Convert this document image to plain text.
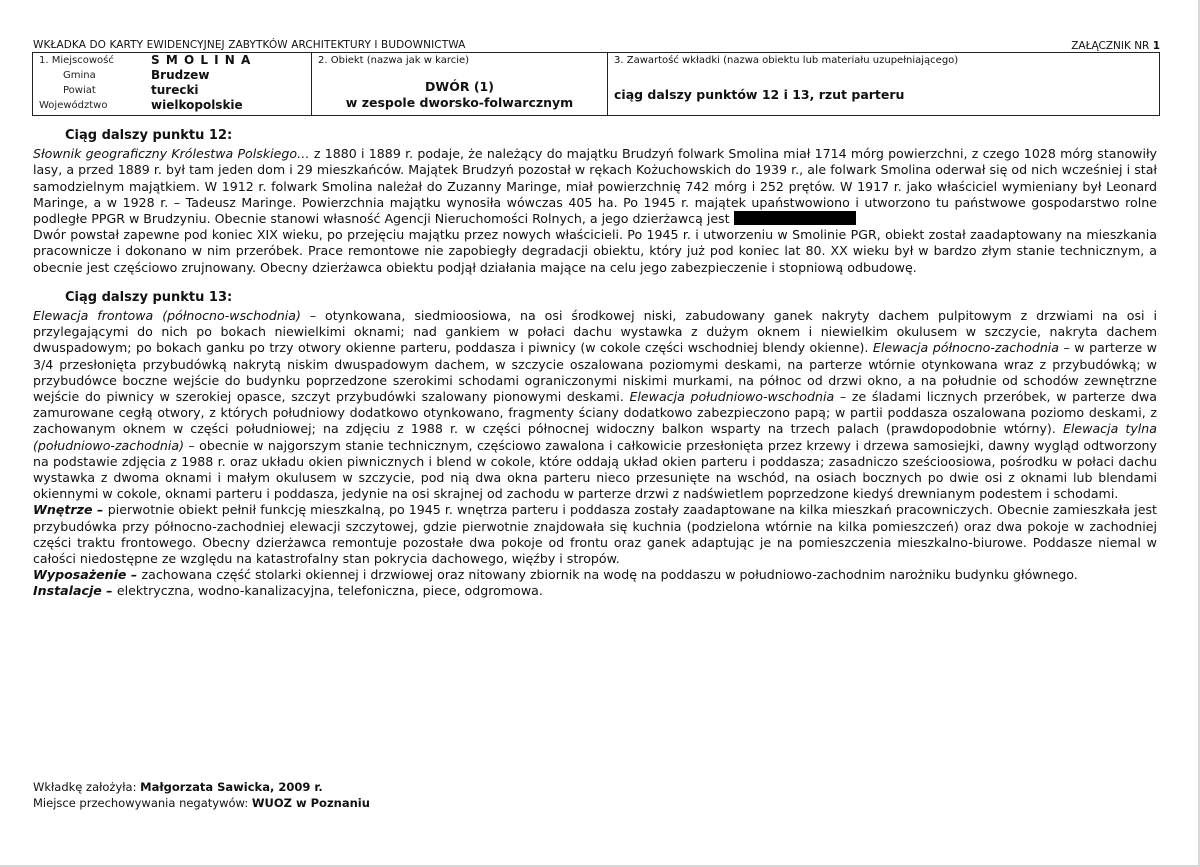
WKŁADKA DO KARTY EWIDENCYJNEJ ZABYTKÓW ARCHITEKTURY I BUDOWNICTWA	ZAŁĄCZNIK NR 1
1. Miejscowość	S M O L I N A
Gmina	Brudzew
Powiat	turecki
Województwo	wielkopolskie
2. Obiekt (nazwa jak w karcie)
DWÓR (1)
w zespole dworsko-folwarcznym
3. Zawartość wkładki (nazwa obiektu lub materiału uzupełniającego)
ciąg dalszy punktów 12 i 13, rzut parteru

Ciąg dalszy punktu 12:

Słownik geograficzny Królestwa Polskiego… z 1880 i 1889 r. podaje, że należący do majątku Brudzyń folwark Smolina miał 1714 mórg powierzchni, z czego 1028 mórg stanowiły lasy, a przed 1889 r. był tam jeden dom i 29 mieszkańców. Majątek Brudzyń pozostał w rękach Kożuchowskich do 1939 r., ale folwark Smolina oderwał się od nich wcześniej i stał samodzielnym majątkiem. W 1912 r. folwark Smolina należał do Zuzanny Maringe, miał powierzchnię 742 mórg i 252 prętów. W 1917 r. jako właściciel wymieniany był Leonard Maringe, a w 1928 r. – Tadeusz Maringe. Powierzchnia majątku wynosiła wówczas 405 ha. Po 1945 r. majątek upaństwowiono i utworzono tu państwowe gospodarstwo rolne podległe PPGR w Brudzyniu. Obecnie stanowi własność Agencji Nieruchomości Rolnych, a jego dzierżawcą jest

Dwór powstał zapewne pod koniec XIX wieku, po przejęciu majątku przez nowych właścicieli. Po 1945 r. i utworzeniu w Smolinie PGR, obiekt został zaadaptowany na mieszkania pracownicze i dokonano w nim przeróbek. Prace remontowe nie zapobiegły degradacji obiektu, który już pod koniec lat 80. XX wieku był w bardzo złym stanie technicznym, a obecnie jest częściowo zrujnowany. Obecny dzierżawca obiektu podjął działania mające na celu jego zabezpieczenie i stopniową odbudowę.

Ciąg dalszy punktu 13:

Elewacja frontowa (północno-wschodnia) – otynkowana, siedmioosiowa, na osi środkowej niski, zabudowany ganek nakryty dachem pulpitowym z drzwiami na osi i przylegającymi do nich po bokach niewielkimi oknami; nad gankiem w połaci dachu wystawka z dużym oknem i niewielkim okulusem w szczycie, nakryta dachem dwuspadowym; po bokach ganku po trzy otwory okienne parteru, poddasza i piwnicy (w cokole części wschodniej blendy okienne). Elewacja północno-zachodnia – w parterze w 3/4 przesłonięta przybudówką nakrytą niskim dwuspadowym dachem, w szczycie oszalowana poziomymi deskami, na parterze wtórnie otynkowana wraz z przybudówką; w przybudówce boczne wejście do budynku poprzedzone szerokimi schodami ograniczonymi niskimi murkami, na północ od drzwi okno, a na południe od schodów zewnętrzne wejście do piwnicy w szerokiej opasce, szczyt przybudówki szalowany pionowymi deskami. Elewacja południowo-wschodnia – ze śladami licznych przeróbek, w parterze dwa zamurowane cegłą otwory, z których południowy dodatkowo otynkowano, fragmenty ściany dodatkowo zabezpieczono papą; w partii poddasza oszalowana poziomo deskami, z zachowanym oknem w części południowej; na zdjęciu z 1988 r. w części północnej widoczny balkon wsparty na trzech palach (prawdopodobnie wtórny). Elewacja tylna (południowo-zachodnia) – obecnie w najgorszym stanie technicznym, częściowo zawalona i całkowicie przesłonięta przez krzewy i drzewa samosiejki, dawny wygląd odtworzony na podstawie zdjęcia z 1988 r. oraz układu okien piwnicznych i blend w cokole, które oddają układ okien parteru i poddasza; zasadniczo sześcioosiowa, pośrodku w połaci dachu wystawka z dwoma oknami i małym okulusem w szczycie, pod nią dwa okna parteru nieco przesunięte na wschód, na osiach bocznych po dwie osi z oknami lub blendami okiennymi w cokole, oknami parteru i poddasza, jedynie na osi skrajnej od zachodu w parterze drzwi z nadświetlem poprzedzone kiedyś drewnianym podestem i schodami.

Wnętrze – pierwotnie obiekt pełnił funkcję mieszkalną, po 1945 r. wnętrza parteru i poddasza zostały zaadaptowane na kilka mieszkań pracowniczych. Obecnie zamieszkała jest przybudówka przy północno-zachodniej elewacji szczytowej, gdzie pierwotnie znajdowała się kuchnia (podzielona wtórnie na kilka pomieszczeń) oraz dwa pokoje w zachodniej części traktu frontowego. Obecny dzierżawca remontuje pozostałe dwa pokoje od frontu oraz ganek adaptując je na pomieszczenia mieszkalno-biurowe. Poddasze niemal w całości niedostępne ze względu na katastrofalny stan pokrycia dachowego, więźby i stropów.

Wyposażenie – zachowana część stolarki okiennej i drzwiowej oraz nitowany zbiornik na wodę na poddaszu w południowo-zachodnim narożniku budynku głównego.

Instalacje – elektryczna, wodno-kanalizacyjna, telefoniczna, piece, odgromowa.

Wkładkę założyła: Małgorzata Sawicka, 2009 r.
Miejsce przechowywania negatywów: WUOZ w Poznaniu
